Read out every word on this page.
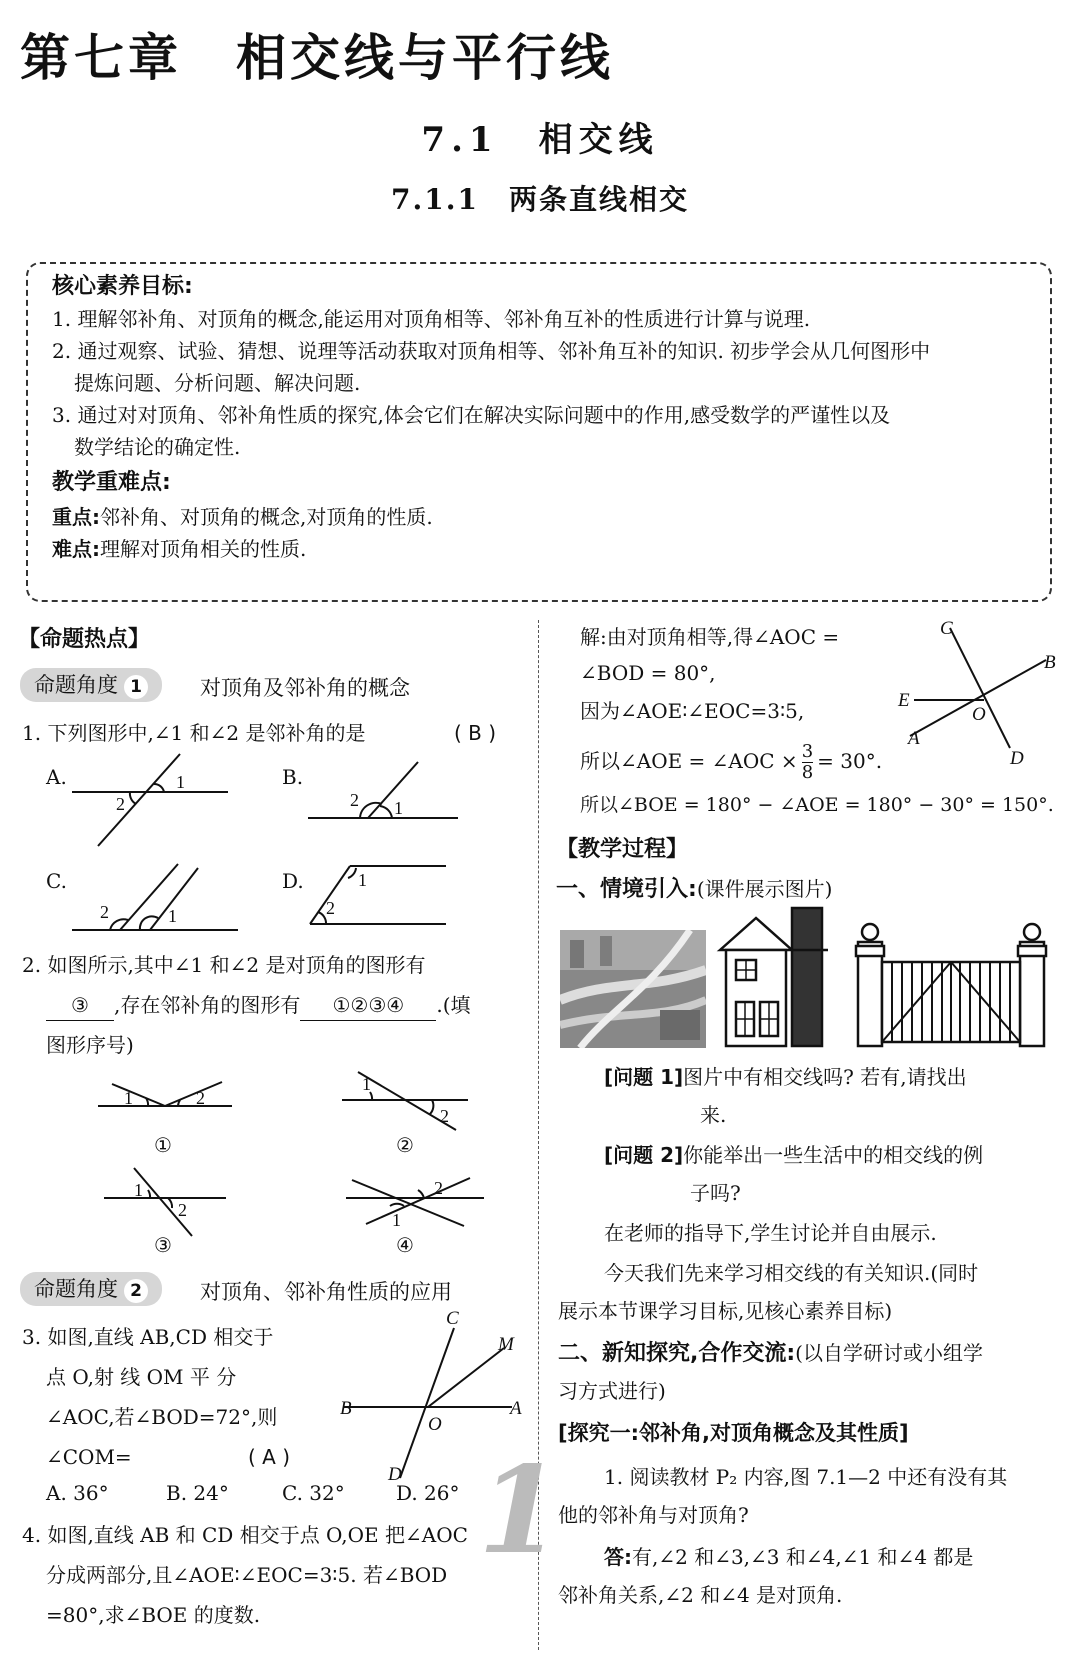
第七章　相交线与平行线
7.1　相交线
7.1.1　两条直线相交
核心素养目标:
1. 理解邻补角、对顶角的概念,能运用对顶角相等、邻补角互补的性质进行计算与说理.
2. 通过观察、试验、猜想、说理等活动获取对顶角相等、邻补角互补的知识. 初步学会从几何图形中
提炼问题、分析问题、解决问题.
3. 通过对对顶角、邻补角性质的探究,体会它们在解决实际问题中的作用,感受数学的严谨性以及
数学结论的确定性.
教学重难点:
重点:邻补角、对顶角的概念,对顶角的性质.
难点:理解对顶角相关的性质.
【命题热点】
命题角度 1	对顶角及邻补角的概念
1. 下列图形中,∠1 和∠2 是邻补角的是	( B )
A.	B.
C.	D.
1
2	2 1
2	1
1
2
2. 如图所示,其中∠1 和∠2 是对顶角的图形有
③ ,存在邻补角的图形有 ①②③④ .(填
图形序号)
1	2
1
2
1
2	1
2
①	②
③	④
命题角度 2	对顶角、邻补角性质的应用
3. 如图,直线 AB,CD 相交于
点 O,射 线 OM 平 分
∠AOC,若∠BOD=72°,则
∠COM=	( A )
A. 36°	B. 24°	C. 32°	D. 26°
C
M
B	A
O
D
4. 如图,直线 AB 和 CD 相交于点 O,OE 把∠AOC
分成两部分,且∠AOE∶∠EOC=3∶5. 若∠BOD
=80°,求∠BOE 的度数.
1
解:由对顶角相等,得∠AOC =
∠BOD = 80°,
因为∠AOE∶∠EOC=3∶5,
所以∠AOE = ∠AOC × $\frac{3}{8} = 30^\circ$.
所以∠BOE = 180° − ∠AOE = 180° − 30° = 150°.
C
B
E
O
A
D
【教学过程】
一、情境引入:(课件展示图片)
[问题 1]图片中有相交线吗? 若有,请找出
来.
[问题 2]你能举出一些生活中的相交线的例
子吗?
在老师的指导下,学生讨论并自由展示.
今天我们先来学习相交线的有关知识.(同时
展示本节课学习目标,见核心素养目标)
二、新知探究,合作交流:(以自学研讨或小组学
习方式进行)
[探究一:邻补角,对顶角概念及其性质]
1. 阅读教材 P₂ 内容,图 7.1—2 中还有没有其
他的邻补角与对顶角?
答:有,∠2 和∠3,∠3 和∠4,∠1 和∠4 都是
邻补角关系,∠2 和∠4 是对顶角.
